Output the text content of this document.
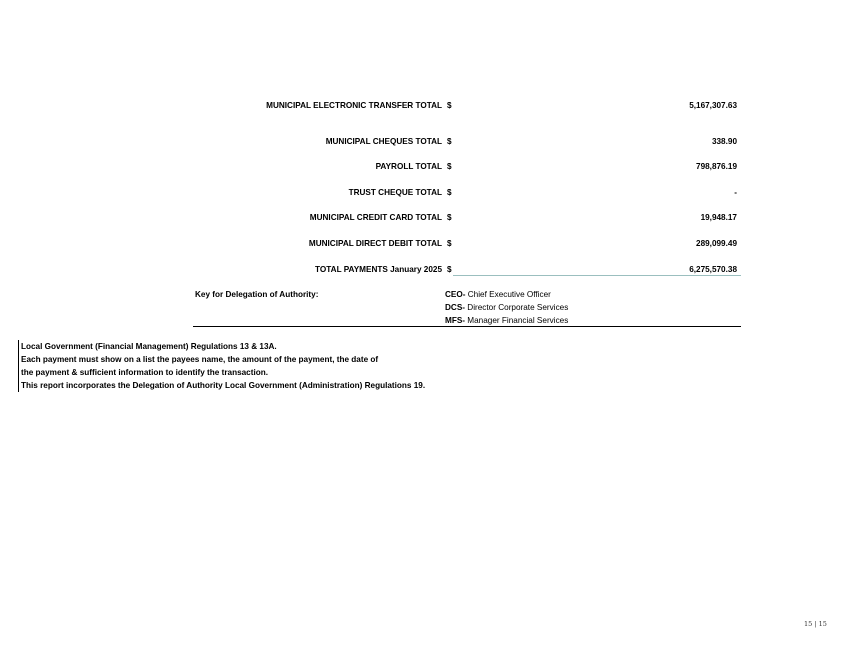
MUNICIPAL ELECTRONIC TRANSFER TOTAL $	5,167,307.63
MUNICIPAL CHEQUES TOTAL $	338.90
PAYROLL TOTAL $	798,876.19
TRUST CHEQUE TOTAL $	-
MUNICIPAL CREDIT CARD TOTAL $	19,948.17
MUNICIPAL DIRECT DEBIT TOTAL $	289,099.49
TOTAL PAYMENTS January 2025 $	6,275,570.38
Key for Delegation of Authority:	CEO- Chief Executive Officer
DCS- Director Corporate Services
MFS- Manager Financial Services
Local Government (Financial Management) Regulations 13 & 13A.
Each payment must show on a list the payees name, the amount of the payment, the date of
the payment & sufficient information to identify the transaction.
This report incorporates the Delegation of Authority Local Government (Administration) Regulations 19.
15 | 15
